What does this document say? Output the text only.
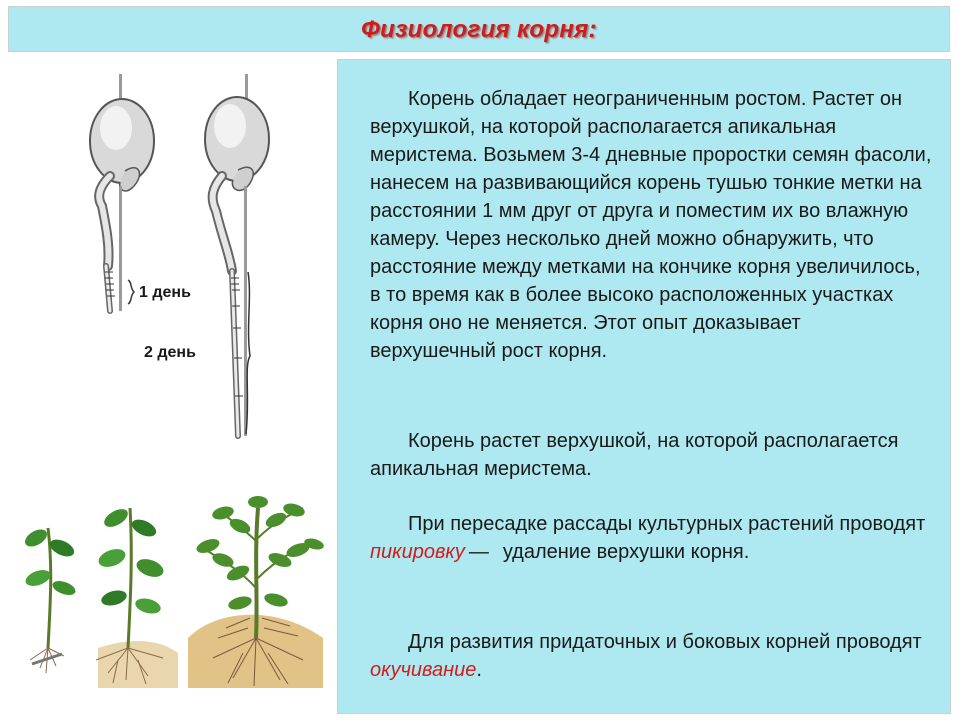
Физиология корня:
1 день
2 день

Корень обладает неограниченным ростом. Растет он верхушкой, на которой располагается апикальная меристема. Возьмем 3-4 дневные проростки семян фасоли, нанесем на развивающийся корень тушью тонкие метки на расстоянии 1 мм друг от друга и поместим их во влажную камеру. Через несколько дней можно обнаружить, что расстояние между метками на кончике корня увеличилось, в то время как в более высоко расположенных участках корня оно не меняется. Этот опыт доказывает верхушечный рост корня.

Корень растет верхушкой, на которой располагается апикальная меристема.

При пересадке рассады культурных растений проводят пикировку — удаление верхушки корня.

Для развития придаточных и боковых корней проводят окучивание.
